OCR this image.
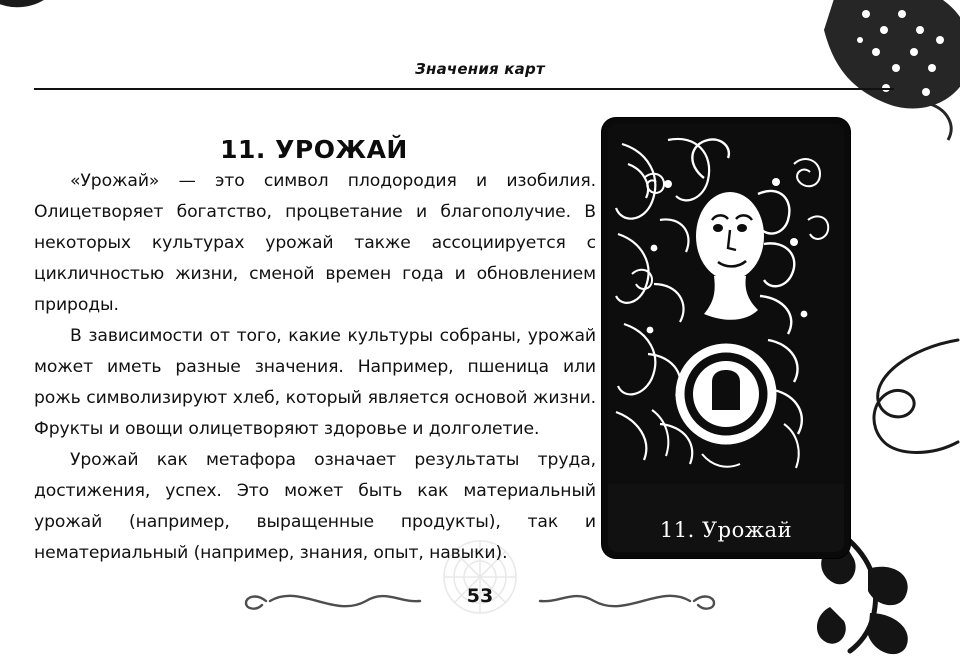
Значения карт
11. УРОЖАЙ

«Урожай» — это символ плодородия и изобилия. Олицетворяет богатство, процветание и благополучие. В некоторых культурах урожай также ассоциируется с цикличностью жизни, сменой времен года и обновлением природы.

В зависимости от того, какие культуры собраны, урожай может иметь разные значения. Например, пшеница или рожь символизируют хлеб, который является основой жизни. Фрукты и овощи олицетворяют здоровье и долголетие.

Урожай как метафора означает результаты труда, достижения, успех. Это может быть как материальный урожай (например, выращенные продукты), так и нематериальный (например, знания, опыт, навыки).

11. Урожай
53
